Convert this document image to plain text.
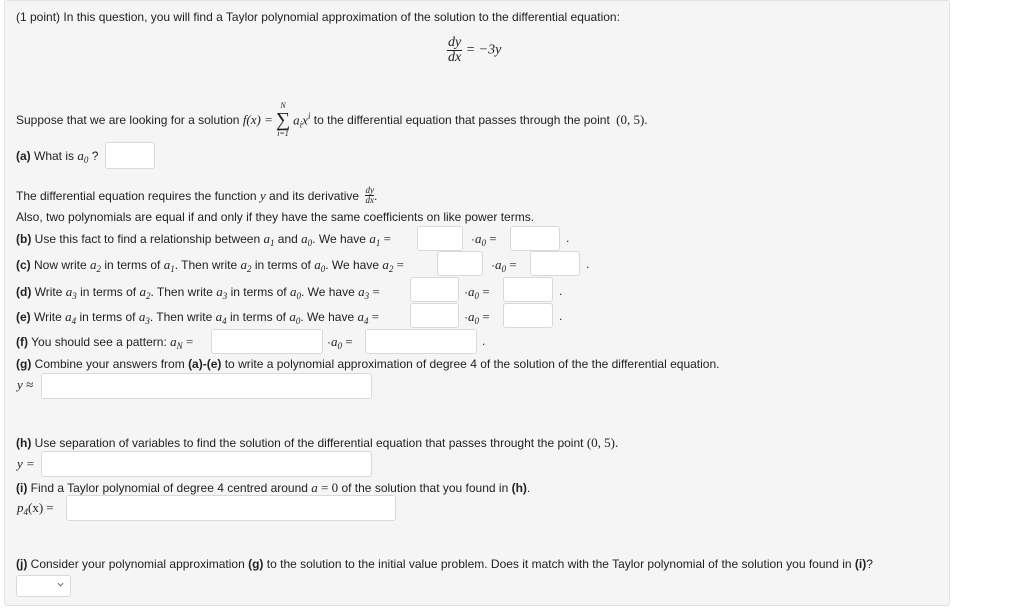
(1 point) In this question, you will find a Taylor polynomial approximation of the solution to the differential equation:
$\frac{dy}{dx} = -3y$
Suppose that we are looking for a solution f(x) =
N
∑
i=1
$a_ix^i$ to the differential equation that passes through the point (0, 5).
(a) What is $a_0$ ?
The differential equation requires the function y and its derivative $\frac{dy}{dx}$ .
Also, two polynomials are equal if and only if they have the same coefficients on like power terms.
(b) Use this fact to find a relationship between $a_1$ and $a_0$. We have $a_1$ =	$\cdot a_0$ =	.
(c) Now write $a_2$ in terms of $a_1$. Then write $a_2$ in terms of $a_0$. We have $a_2$ =	$\cdot a_0$ =	.
(d) Write $a_3$ in terms of $a_2$. Then write $a_3$ in terms of $a_0$. We have $a_3$ =	$\cdot a_0$ =	.
(e) Write $a_4$ in terms of $a_3$. Then write $a_4$ in terms of $a_0$. We have $a_4$ =	$\cdot a_0$ =	.
(f) You should see a pattern: $a_N$ =	$\cdot a_0$ =	.
(g) Combine your answers from (a)-(e) to write a polynomial approximation of degree 4 of the solution of the the differential equation.
y ≈
(h) Use separation of variables to find the solution of the differential equation that passes throught the point (0, 5).
y =
(i) Find a Taylor polynomial of degree 4 centred around a = 0 of the solution that you found in (h).
$p_4(x)$ =
(j) Consider your polynomial approximation (g) to the solution to the initial value problem. Does it match with the Taylor polynomial of the solution you found in (i)?
